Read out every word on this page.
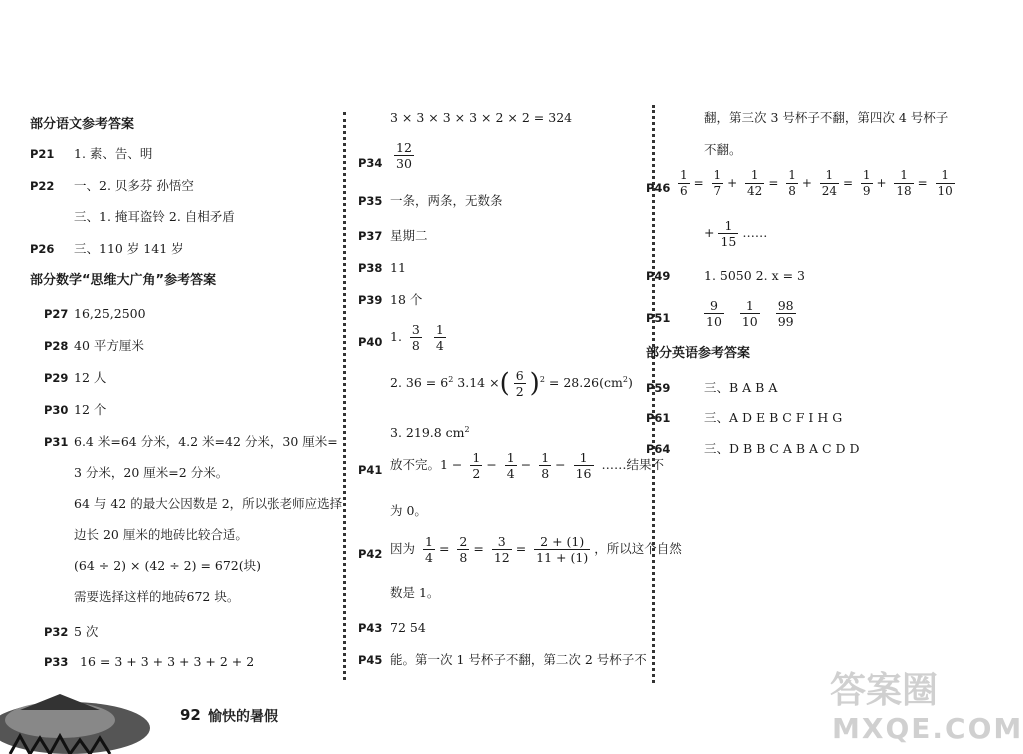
部分语文参考答案
P21 1. 素、告、明
P22 一、2. 贝多芬 孙悟空
三、1. 掩耳盗铃 2. 自相矛盾
P26 三、110 岁 141 岁
部分数学“思维大广角”参考答案
P27 16,25,2500
P28 40 平方厘米
P29 12 人
P30 12 个
P31 6.4 米=64 分米，4.2 米=42 分米，30 厘米=
3 分米，20 厘米=2 分米。
64 与 42 的最大公因数是 2，所以张老师应选择
边长 20 厘米的地砖比较合适。
(64 ÷ 2) × (42 ÷ 2) = 672(块)
需要选择这样的地砖672 块。
P32 5 次
P33 16 = 3 + 3 + 3 + 3 + 2 + 2
3 × 3 × 3 × 3 × 2 × 2 = 324
$P34 \frac{12}{30}$
P35 一条，两条，无数条
P37 星期二
P38 11
P39 18 个
P40 1. $\frac{3}{8}$
$\frac{1}{4}$
2. $36 = 6^2$ 3.14 ×( $\frac{6}{2} )^2 = 28.26(cm^2)$
3. 219.8 $cm^2$
P41 放不完。$1 - \frac{1}{2} - \frac{1}{4} - \frac{1}{8} - \frac{1}{16}$ ……结果不
为 0。
P42 因为 $\frac{1}{4} = \frac{2}{8} = \frac{3}{12} = \frac{2 + (1)}{11 + (1)}$ ，所以这个自然
数是 1。
P43 72 54
P45 能。第一次 1 号杯子不翻，第二次 2 号杯子不
翻，第三次 3 号杯子不翻，第四次 4 号杯子
不翻。
$P46 \frac{1}{6} = \frac{1}{7} + \frac{1}{42} = \frac{1}{8} + \frac{1}{24} = \frac{1}{9} + \frac{1}{18} = \frac{1}{10}$
+ $\frac{1}{15}$ ……
P49	1. 5050 2. x = 3
P51	$\frac{9}{10}$
$\frac{1}{10}$
$\frac{98}{99}$
部分英语参考答案
P59	三、B A B A
P61	三、A D E B C F I H G
P64	三、D B B C A B A C D D
92 愉快的暑假
答案圈
MXQE.COM
